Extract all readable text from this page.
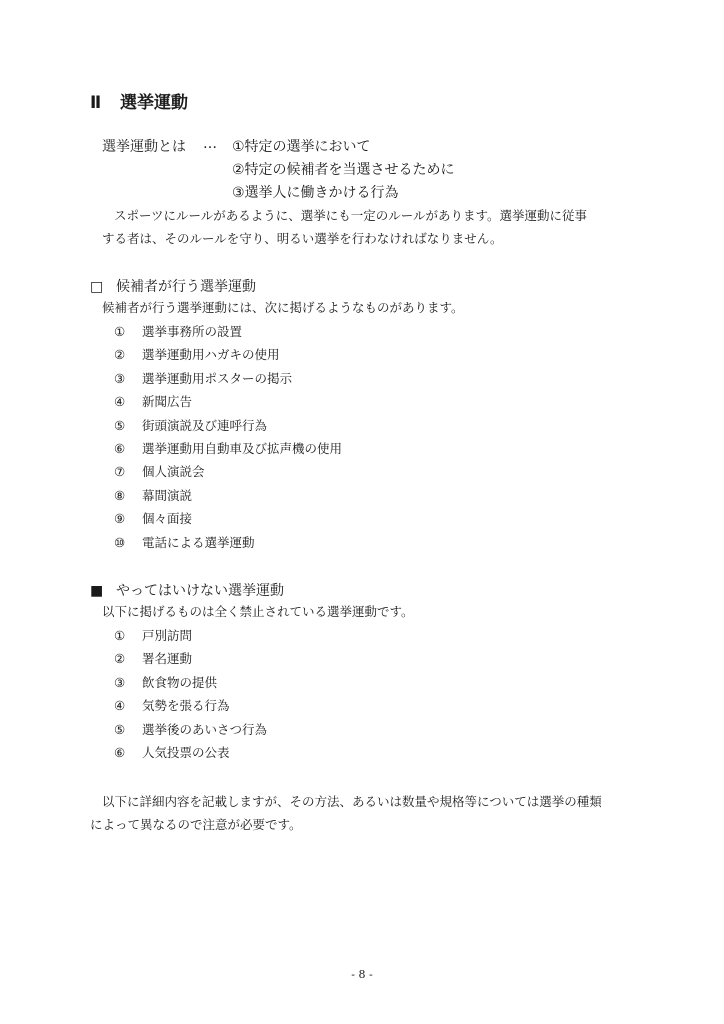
Ⅱ 選挙運動
選挙運動とは … ①特定の選挙において
②特定の候補者を当選させるために
③選挙人に働きかける行為
スポーツにルールがあるように、選挙にも一定のルールがあります。選挙運動に従事
する者は、そのルールを守り、明るい選挙を行わなければなりません。
□ 候補者が行う選挙運動
候補者が行う選挙運動には、次に掲げるようなものがあります。
① 選挙事務所の設置
② 選挙運動用ハガキの使用
③ 選挙運動用ポスターの掲示
④ 新聞広告
⑤ 街頭演説及び連呼行為
⑥ 選挙運動用自動車及び拡声機の使用
⑦ 個人演説会
⑧ 幕間演説
⑨ 個々面接
⑩ 電話による選挙運動
■ やってはいけない選挙運動
以下に掲げるものは全く禁止されている選挙運動です。
① 戸別訪問
② 署名運動
③ 飲食物の提供
④ 気勢を張る行為
⑤ 選挙後のあいさつ行為
⑥ 人気投票の公表
以下に詳細内容を記載しますが、その方法、あるいは数量や規格等については選挙の種類
によって異なるので注意が必要です。
- 8 -
